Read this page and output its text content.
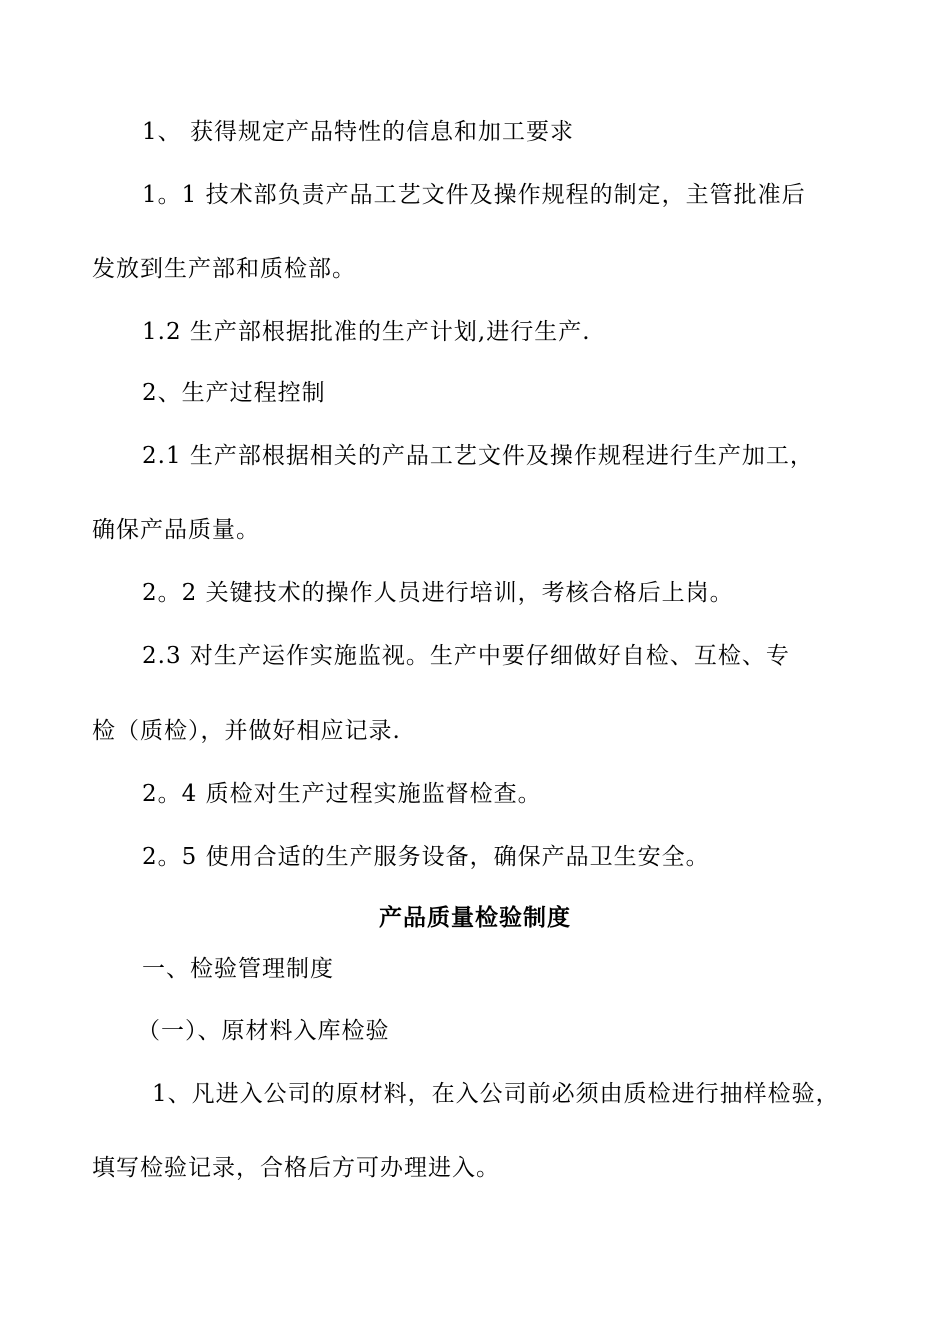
1、 获得规定产品特性的信息和加工要求
1。1 技术部负责产品工艺文件及操作规程的制定，主管批准后
发放到生产部和质检部。
1.2 生产部根据批准的生产计划,进行生产.
2、生产过程控制
2.1 生产部根据相关的产品工艺文件及操作规程进行生产加工，
确保产品质量。
2。2 关键技术的操作人员进行培训，考核合格后上岗。
2.3 对生产运作实施监视。生产中要仔细做好自检、互检、专
检（质检），并做好相应记录.
2。4 质检对生产过程实施监督检查。
2。5 使用合适的生产服务设备，确保产品卫生安全。
产品质量检验制度
一、检验管理制度
（一）、原材料入库检验
1、凡进入公司的原材料，在入公司前必须由质检进行抽样检验，
填写检验记录，合格后方可办理进入。
